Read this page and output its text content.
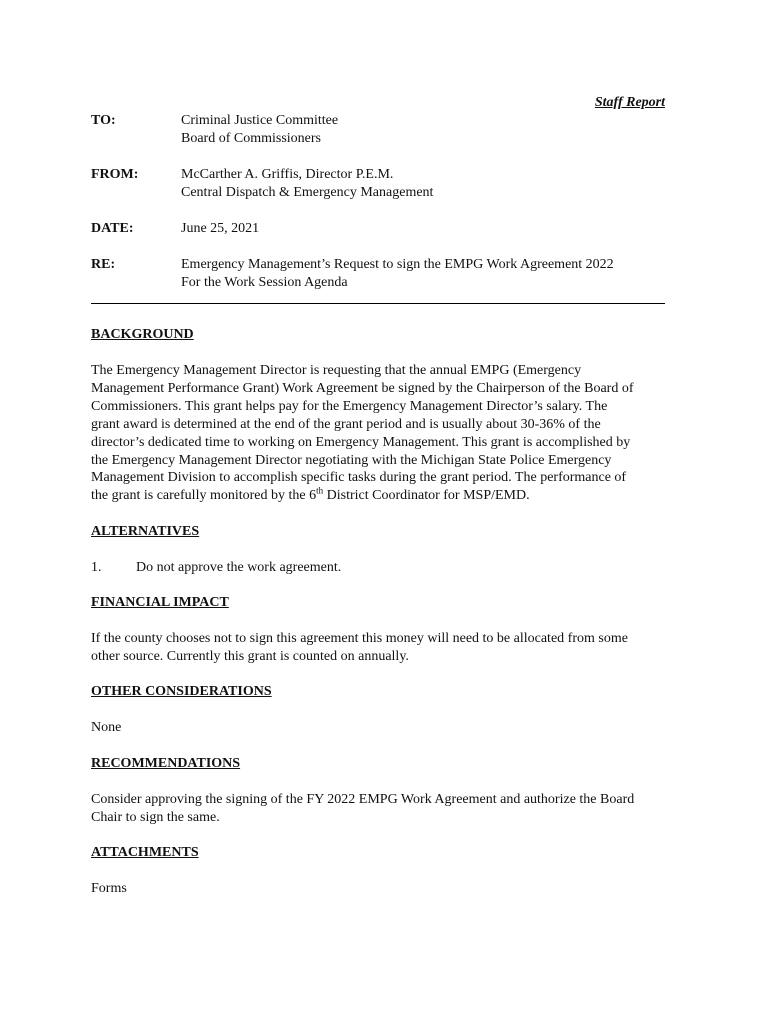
Staff Report
TO:	Criminal Justice Committee
Board of Commissioners
FROM:	McCarther A. Griffis, Director P.E.M.
Central Dispatch & Emergency Management
DATE:	June 25, 2021
RE:	Emergency Management’s Request to sign the EMPG Work Agreement 2022
For the Work Session Agenda
BACKGROUND
The Emergency Management Director is requesting that the annual EMPG (Emergency
Management Performance Grant) Work Agreement be signed by the Chairperson of the Board of
Commissioners. This grant helps pay for the Emergency Management Director’s salary. The
grant award is determined at the end of the grant period and is usually about 30-36% of the
director’s dedicated time to working on Emergency Management. This grant is accomplished by
the Emergency Management Director negotiating with the Michigan State Police Emergency
Management Division to accomplish specific tasks during the grant period. The performance of
the grant is carefully monitored by the 6th District Coordinator for MSP/EMD.
ALTERNATIVES
1. Do not approve the work agreement.
FINANCIAL IMPACT
If the county chooses not to sign this agreement this money will need to be allocated from some
other source. Currently this grant is counted on annually.
OTHER CONSIDERATIONS
None
RECOMMENDATIONS
Consider approving the signing of the FY 2022 EMPG Work Agreement and authorize the Board
Chair to sign the same.
ATTACHMENTS
Forms
